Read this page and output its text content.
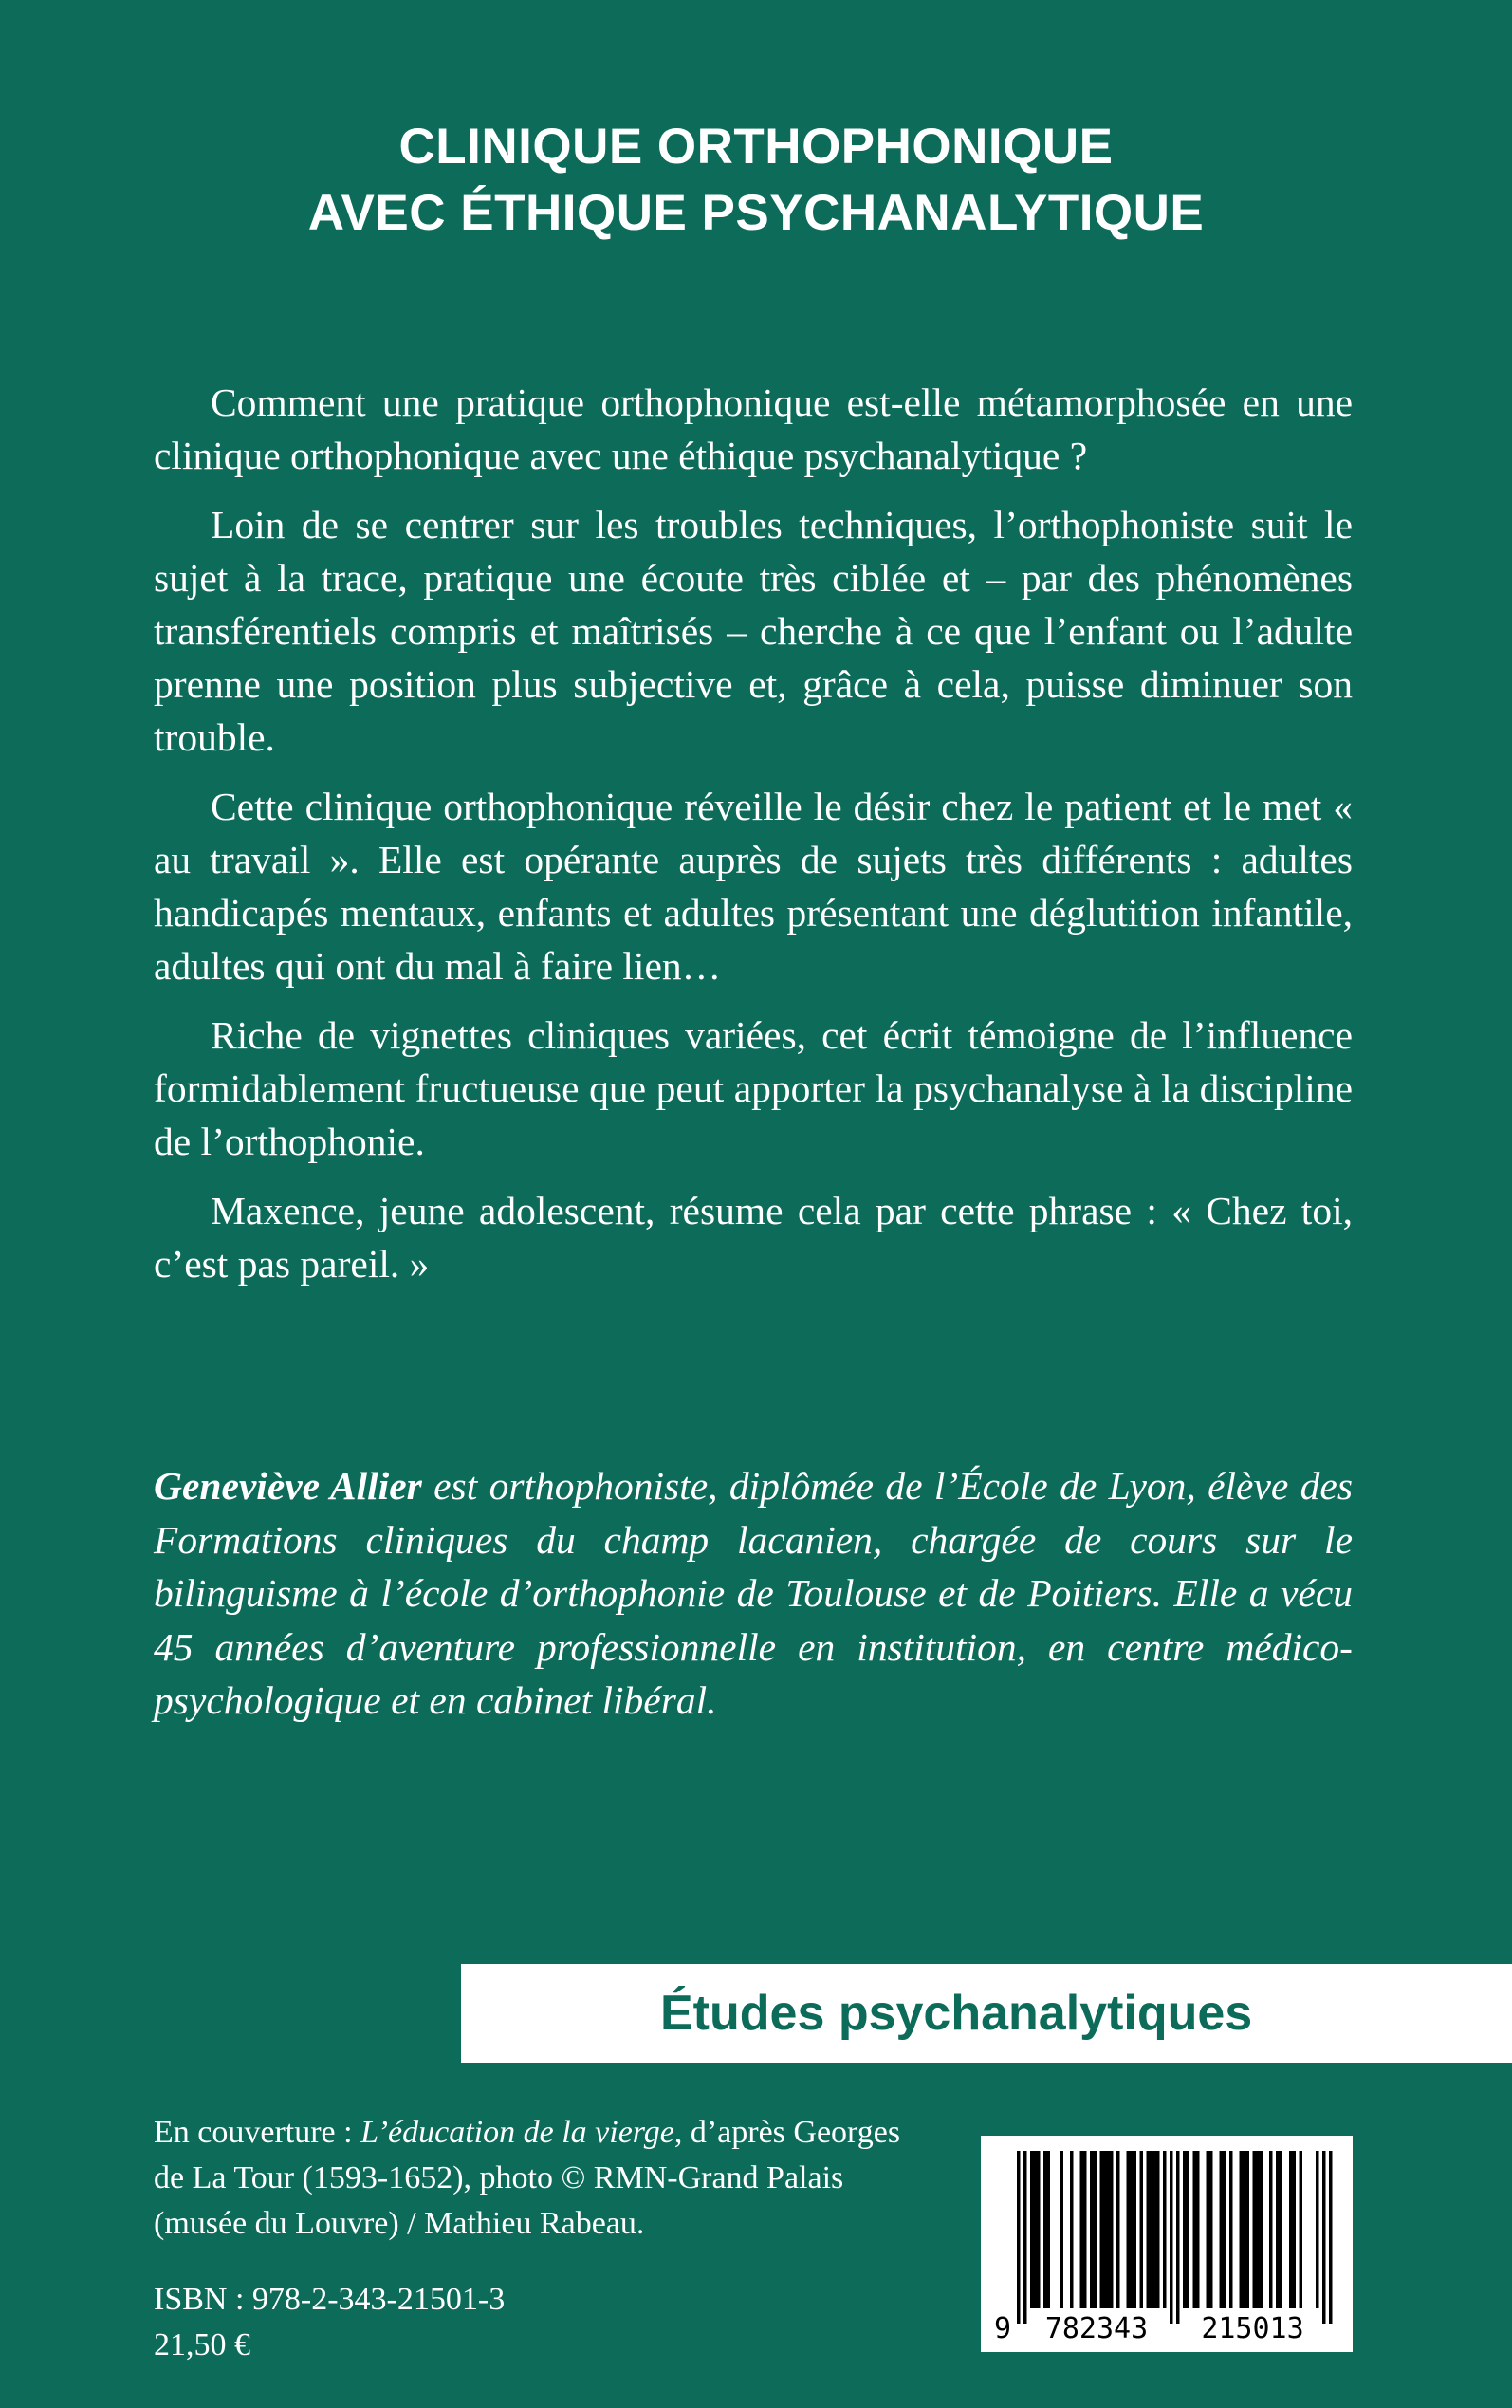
CLINIQUE ORTHOPHONIQUE
AVEC ÉTHIQUE PSYCHANALYTIQUE

Comment une pratique orthophonique est-elle métamorphosée en une clinique orthophonique avec une éthique psychanalytique ?

Loin de se centrer sur les troubles techniques, l’orthophoniste suit le sujet à la trace, pratique une écoute très ciblée et – par des phénomènes transférentiels compris et maîtrisés – cherche à ce que l’enfant ou l’adulte prenne une position plus subjective et, grâce à cela, puisse diminuer son trouble.

Cette clinique orthophonique réveille le désir chez le patient et le met « au travail ». Elle est opérante auprès de sujets très différents : adultes handicapés mentaux, enfants et adultes présentant une déglutition infantile, adultes qui ont du mal à faire lien…

Riche de vignettes cliniques variées, cet écrit témoigne de l’influence formidablement fructueuse que peut apporter la psychanalyse à la discipline de l’orthophonie.

Maxence, jeune adolescent, résume cela par cette phrase : « Chez toi, c’est pas pareil. »

Geneviève Allier est orthophoniste, diplômée de l’École de Lyon, élève des Formations cliniques du champ lacanien, chargée de cours sur le bilinguisme à l’école d’orthophonie de Toulouse et de Poitiers. Elle a vécu 45 années d’aventure professionnelle en institution, en centre médico-psychologique et en cabinet libéral.

Études psychanalytiques

En couverture : L’éducation de la vierge, d’après Georges de La Tour (1593-1652), photo © RMN-Grand Palais (musée du Louvre) / Mathieu Rabeau.

ISBN : 978-2-343-21501-3
21,50 €	9 782343 215013
